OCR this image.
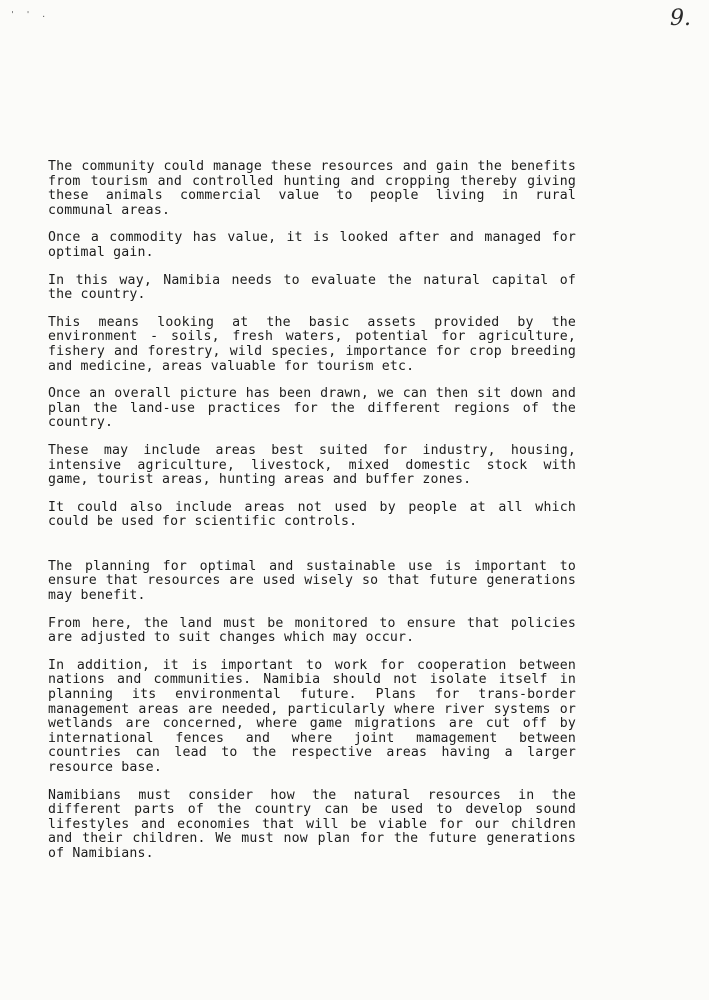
' ' .	9.

The community could manage these resources and gain the benefits from tourism and controlled hunting and cropping thereby giving these animals commercial value to people living in rural communal areas.

Once a commodity has value, it is looked after and managed for optimal gain.

In this way, Namibia needs to evaluate the natural capital of the country.

This means looking at the basic assets provided by the environment - soils, fresh waters, potential for agriculture, fishery and forestry, wild species, importance for crop breeding and medicine, areas valuable for tourism etc.

Once an overall picture has been drawn, we can then sit down and plan the land-use practices for the different regions of the country.

These may include areas best suited for industry, housing, intensive agriculture, livestock, mixed domestic stock with game, tourist areas, hunting areas and buffer zones.

It could also include areas not used by people at all which could be used for scientific controls.

The planning for optimal and sustainable use is important to ensure that resources are used wisely so that future generations may benefit.

From here, the land must be monitored to ensure that policies are adjusted to suit changes which may occur.

In addition, it is important to work for cooperation between nations and communities. Namibia should not isolate itself in planning its environmental future. Plans for trans-border management areas are needed, particularly where river systems or wetlands are concerned, where game migrations are cut off by international fences and where joint mamagement between countries can lead to the respective areas having a larger resource base.

Namibians must consider how the natural resources in the different parts of the country can be used to develop sound lifestyles and economies that will be viable for our children and their children. We must now plan for the future generations of Namibians.
